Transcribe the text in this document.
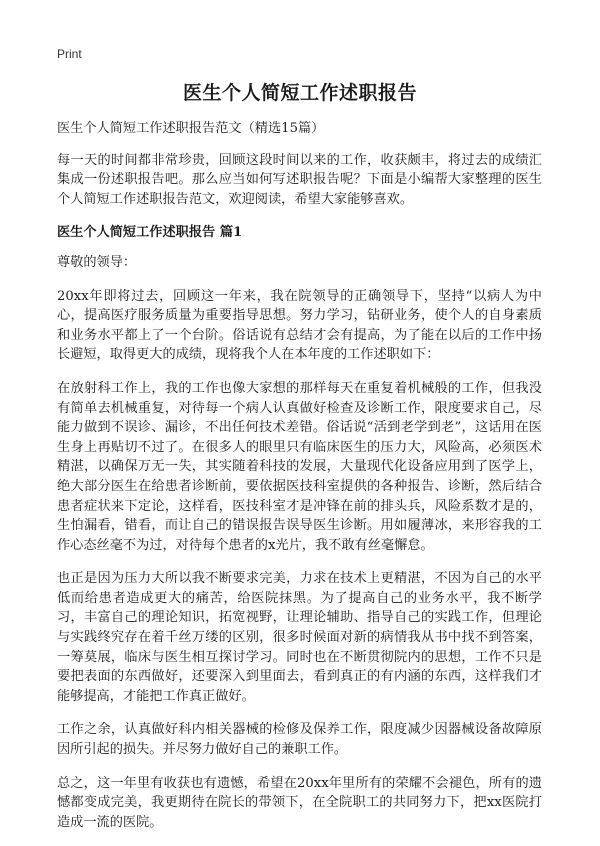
Print
医生个人简短工作述职报告

医生个人简短工作述职报告范文（精选15篇）

每一天的时间都非常珍贵，回顾这段时间以来的工作，收获颇丰，将过去的成绩汇集成一份述职报告吧。那么应当如何写述职报告呢？下面是小编帮大家整理的医生个人简短工作述职报告范文，欢迎阅读，希望大家能够喜欢。

医生个人简短工作述职报告 篇1

尊敬的领导：

20xx年即将过去，回顾这一年来，我在院领导的正确领导下，坚持“以病人为中心，提高医疗服务质量为重要指导思想。努力学习，钻研业务，使个人的自身素质和业务水平都上了一个台阶。俗话说有总结才会有提高，为了能在以后的工作中扬长避短，取得更大的成绩，现将我个人在本年度的工作述职如下：

在放射科工作上，我的工作也像大家想的那样每天在重复着机械般的工作，但我没有简单去机械重复，对待每一个病人认真做好检查及诊断工作，限度要求自己，尽能力做到不误诊、漏诊，不出任何技术差错。俗话说“活到老学到老”，这话用在医生身上再贴切不过了。在很多人的眼里只有临床医生的压力大，风险高，必须医术精湛，以确保万无一失，其实随着科技的发展，大量现代化设备应用到了医学上，绝大部分医生在给患者诊断前，要依据医技科室提供的各种报告、诊断，然后结合患者症状来下定论，这样看，医技科室才是冲锋在前的排头兵，风险系数才是的，生怕漏看，错看，而让自己的错误报告误导医生诊断。用如履薄冰，来形容我的工作心态丝毫不为过，对待每个患者的x光片，我不敢有丝毫懈怠。

也正是因为压力大所以我不断要求完美，力求在技术上更精湛，不因为自己的水平低而给患者造成更大的痛苦，给医院抹黑。为了提高自己的业务水平，我不断学习，丰富自己的理论知识，拓宽视野，让理论辅助、指导自己的实践工作，但理论与实践终究存在着千丝万缕的区别，很多时候面对新的病情我从书中找不到答案，一筹莫展，临床与医生相互探讨学习。同时也在不断贯彻院内的思想，工作不只是要把表面的东西做好，还要深入到里面去，看到真正的有内涵的东西，这样我们才能够提高，才能把工作真正做好。

工作之余，认真做好科内相关器械的检修及保养工作，限度减少因器械设备故障原因所引起的损失。并尽努力做好自己的兼职工作。

总之，这一年里有收获也有遗憾，希望在20xx年里所有的荣耀不会褪色，所有的遗憾都变成完美，我更期待在院长的带领下，在全院职工的共同努力下，把xx医院打造成一流的医院。
